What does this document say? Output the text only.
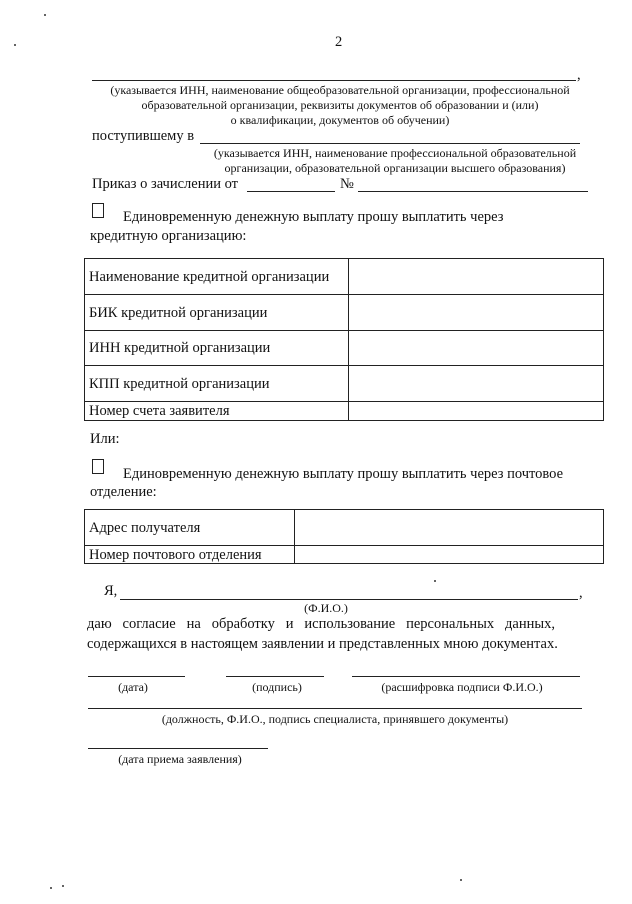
2
,
(указывается ИНН, наименование общеобразовательной организации, профессиональной
образовательной организации, реквизиты документов об образовании и (или)
о квалификации, документов об обучении)
поступившему в
(указывается ИНН, наименование профессиональной образовательной
организации, образовательной организации высшего образования)
Приказ о зачислении от	№
Единовременную денежную выплату прошу выплатить через
кредитную организацию:
Наименование кредитной организации	
БИК кредитной организации	
ИНН кредитной организации	
КПП кредитной организации	
Номер счета заявителя	
Или:
Единовременную денежную выплату прошу выплатить через почтовое
отделение:
Адрес получателя	
Номер почтового отделения	
Я,	,
(Ф.И.О.)
даю согласие на обработку и использование персональных данных,
содержащихся в настоящем заявлении и представленных мною документах.
(дата)	(подпись)	(расшифровка подписи Ф.И.О.)
(должность, Ф.И.О., подпись специалиста, принявшего документы)
(дата приема заявления)
